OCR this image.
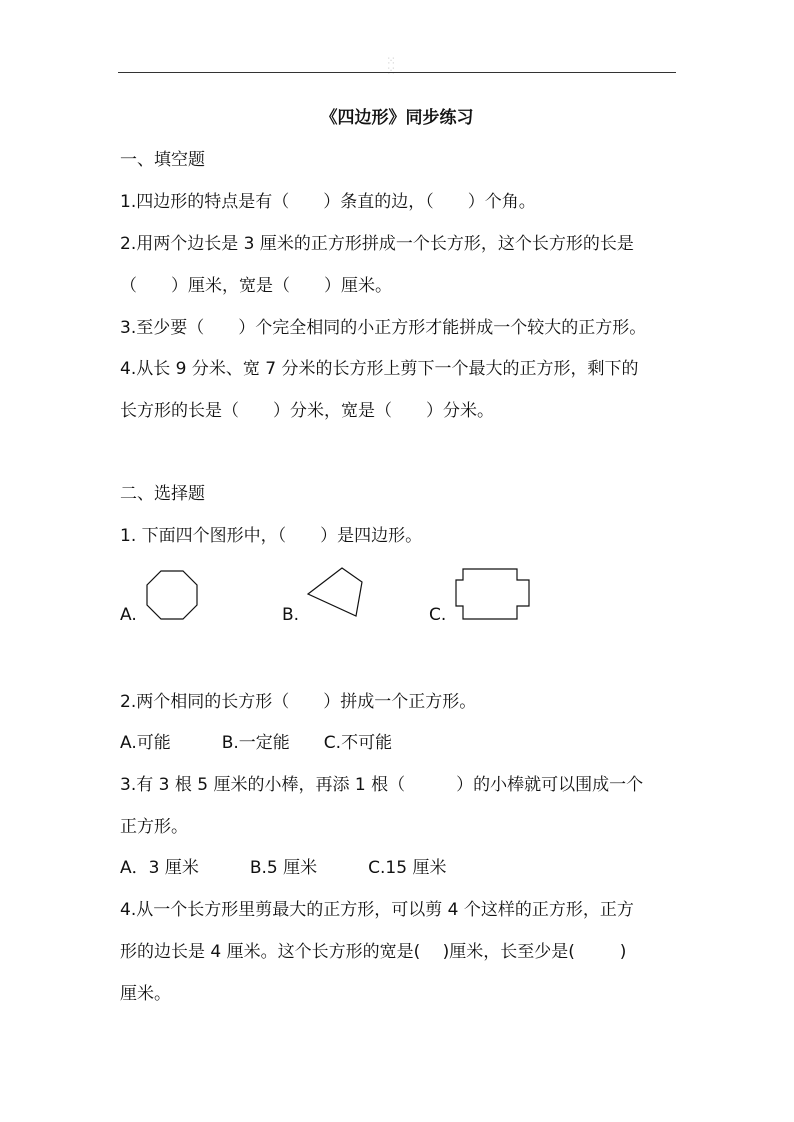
⁙
⁙
《四边形》同步练习
一、填空题
1.四边形的特点是有（　　）条直的边，（　　）个角。
2.用两个边长是 3 厘米的正方形拼成一个长方形，这个长方形的长是
（　　）厘米，宽是（　　）厘米。
3.至少要（　　）个完全相同的小正方形才能拼成一个较大的正方形。
4.从长 9 分米、宽 7 分米的长方形上剪下一个最大的正方形，剩下的
长方形的长是（　　）分米，宽是（　　）分米。
二、选择题
1. 下面四个图形中，（　　）是四边形。
A.	B.	C.
2.两个相同的长方形（　　）拼成一个正方形。
A.可能　　　B.一定能　　C.不可能
3.有 3 根 5 厘米的小棒，再添 1 根（　　　）的小棒就可以围成一个
正方形。
A．3 厘米　　　B.5 厘米　　　C.15 厘米
4.从一个长方形里剪最大的正方形，可以剪 4 个这样的正方形，正方
形的边长是 4 厘米。这个长方形的宽是(　 )厘米，长至少是(　　  )
厘米。
